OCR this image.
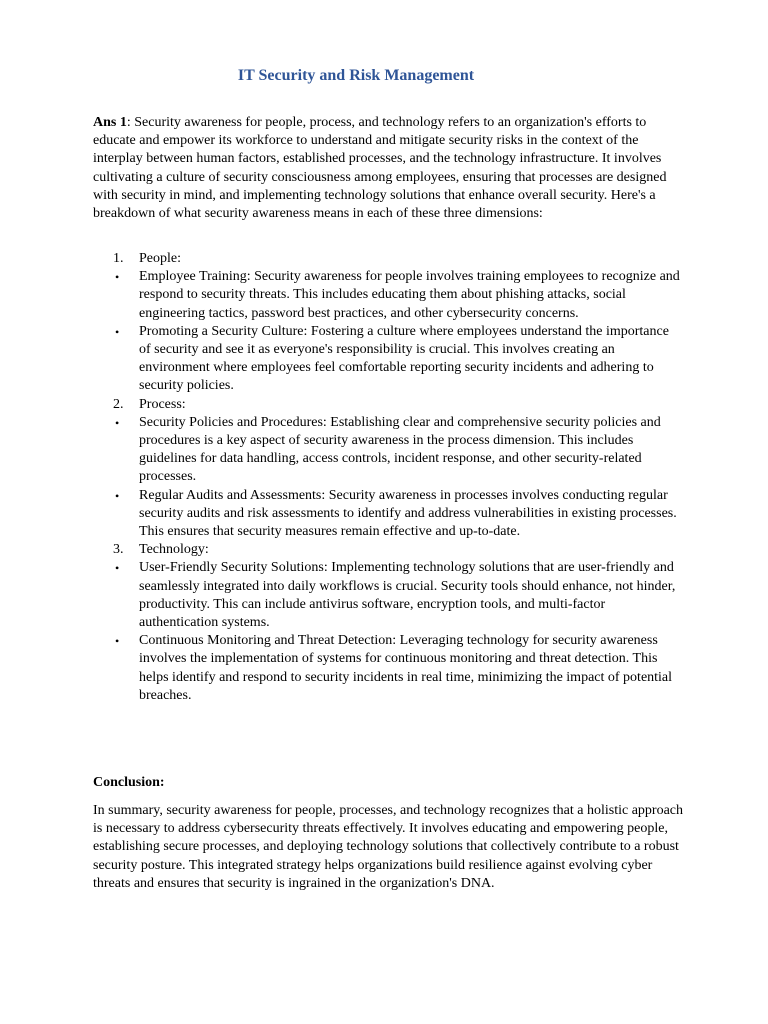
IT Security and Risk Management

Ans 1: Security awareness for people, process, and technology refers to an organization's efforts to educate and empower its workforce to understand and mitigate security risks in the context of the interplay between human factors, established processes, and the technology infrastructure. It involves cultivating a culture of security consciousness among employees, ensuring that processes are designed with security in mind, and implementing technology solutions that enhance overall security. Here's a breakdown of what security awareness means in each of these three dimensions:

1.	People:
• Employee Training: Security awareness for people involves training employees to recognize and respond to security threats. This includes educating them about phishing attacks, social engineering tactics, password best practices, and other cybersecurity concerns.
• Promoting a Security Culture: Fostering a culture where employees understand the importance of security and see it as everyone's responsibility is crucial. This involves creating an environment where employees feel comfortable reporting security incidents and adhering to security policies.
2.	Process:
• Security Policies and Procedures: Establishing clear and comprehensive security policies and procedures is a key aspect of security awareness in the process dimension. This includes guidelines for data handling, access controls, incident response, and other security-related processes.
• Regular Audits and Assessments: Security awareness in processes involves conducting regular security audits and risk assessments to identify and address vulnerabilities in existing processes. This ensures that security measures remain effective and up-to-date.
3.	Technology:
• User-Friendly Security Solutions: Implementing technology solutions that are user-friendly and seamlessly integrated into daily workflows is crucial. Security tools should enhance, not hinder, productivity. This can include antivirus software, encryption tools, and multi-factor authentication systems.
• Continuous Monitoring and Threat Detection: Leveraging technology for security awareness involves the implementation of systems for continuous monitoring and threat detection. This helps identify and respond to security incidents in real time, minimizing the impact of potential breaches.
Conclusion:

In summary, security awareness for people, processes, and technology recognizes that a holistic approach is necessary to address cybersecurity threats effectively. It involves educating and empowering people, establishing secure processes, and deploying technology solutions that collectively contribute to a robust security posture. This integrated strategy helps organizations build resilience against evolving cyber threats and ensures that security is ingrained in the organization's DNA.
